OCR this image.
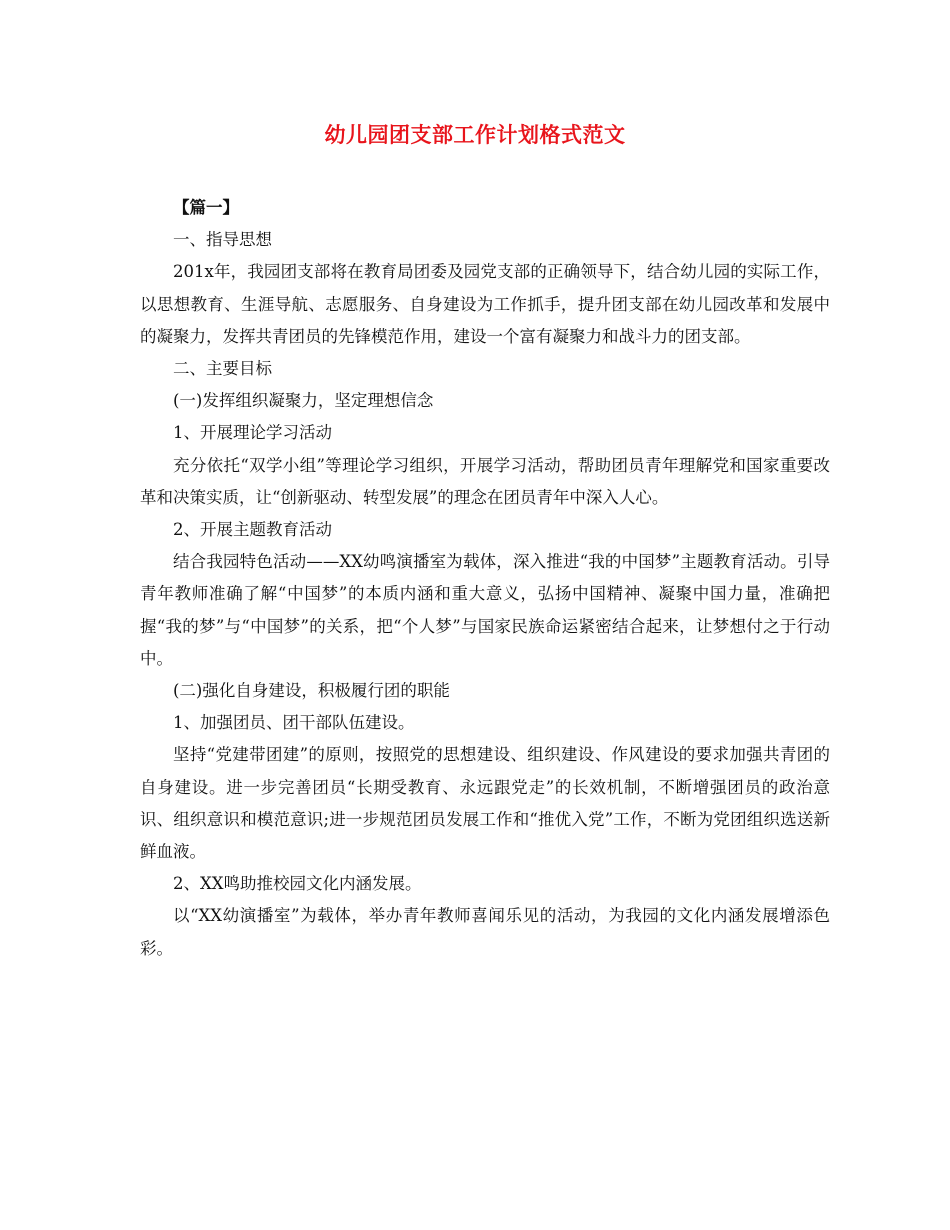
幼儿园团支部工作计划格式范文

【篇一】

一、指导思想

201x年，我园团支部将在教育局团委及园党支部的正确领导下，结合幼儿园的实际工作，以思想教育、生涯导航、志愿服务、自身建设为工作抓手，提升团支部在幼儿园改革和发展中的凝聚力，发挥共青团员的先锋模范作用，建设一个富有凝聚力和战斗力的团支部。

二、主要目标

(一)发挥组织凝聚力，坚定理想信念

1、开展理论学习活动

充分依托“双学小组”等理论学习组织，开展学习活动，帮助团员青年理解党和国家重要改革和决策实质，让“创新驱动、转型发展”的理念在团员青年中深入人心。

2、开展主题教育活动

结合我园特色活动——XX幼鸣演播室为载体，深入推进“我的中国梦”主题教育活动。引导青年教师准确了解“中国梦”的本质内涵和重大意义，弘扬中国精神、凝聚中国力量，准确把握“我的梦”与“中国梦”的关系，把“个人梦”与国家民族命运紧密结合起来，让梦想付之于行动中。

(二)强化自身建设，积极履行团的职能

1、加强团员、团干部队伍建设。

坚持“党建带团建”的原则，按照党的思想建设、组织建设、作风建设的要求加强共青团的自身建设。进一步完善团员“长期受教育、永远跟党走”的长效机制，不断增强团员的政治意识、组织意识和模范意识;进一步规范团员发展工作和“推优入党”工作，不断为党团组织选送新鲜血液。

2、XX鸣助推校园文化内涵发展。

以“XX幼演播室”为载体，举办青年教师喜闻乐见的活动，为我园的文化内涵发展增添色彩。
